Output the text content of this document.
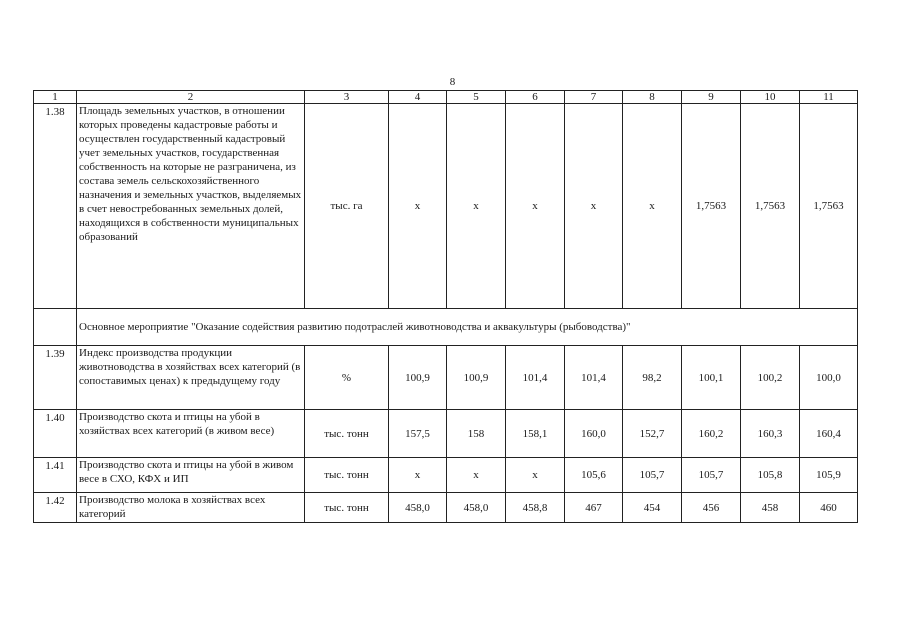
8
1	2	3	4	5	6	7	8	9	10	11
1.38	Площадь земельных участков, в отношении которых проведены кадастровые работы и осуществлен государственный кадастровый учет земельных участков, государственная собственность на которые не разграничена, из состава земель сельскохозяйственного назначения и земельных участков, выделяемых в счет невостребованных земельных долей, находящихся в собственности муниципальных образований	тыс. га	х	х	х	х	х	1,7563	1,7563	1,7563
	Основное мероприятие "Оказание содействия развитию подотраслей животноводства и аквакультуры (рыбоводства)"									
1.39	Индекс производства продукции животноводства в хозяйствах всех категорий (в сопоставимых ценах) к предыдущему году	%	100,9	100,9	101,4	101,4	98,2	100,1	100,2	100,0
1.40	Производство скота и птицы на убой в хозяйствах всех категорий (в живом весе)	тыс. тонн	157,5	158	158,1	160,0	152,7	160,2	160,3	160,4
1.41	Производство скота и птицы на убой в живом весе в СХО, КФХ и ИП	тыс. тонн	х	х	х	105,6	105,7	105,7	105,8	105,9
1.42	Производство молока в хозяйствах всех категорий	тыс. тонн	458,0	458,0	458,8	467	454	456	458	460
